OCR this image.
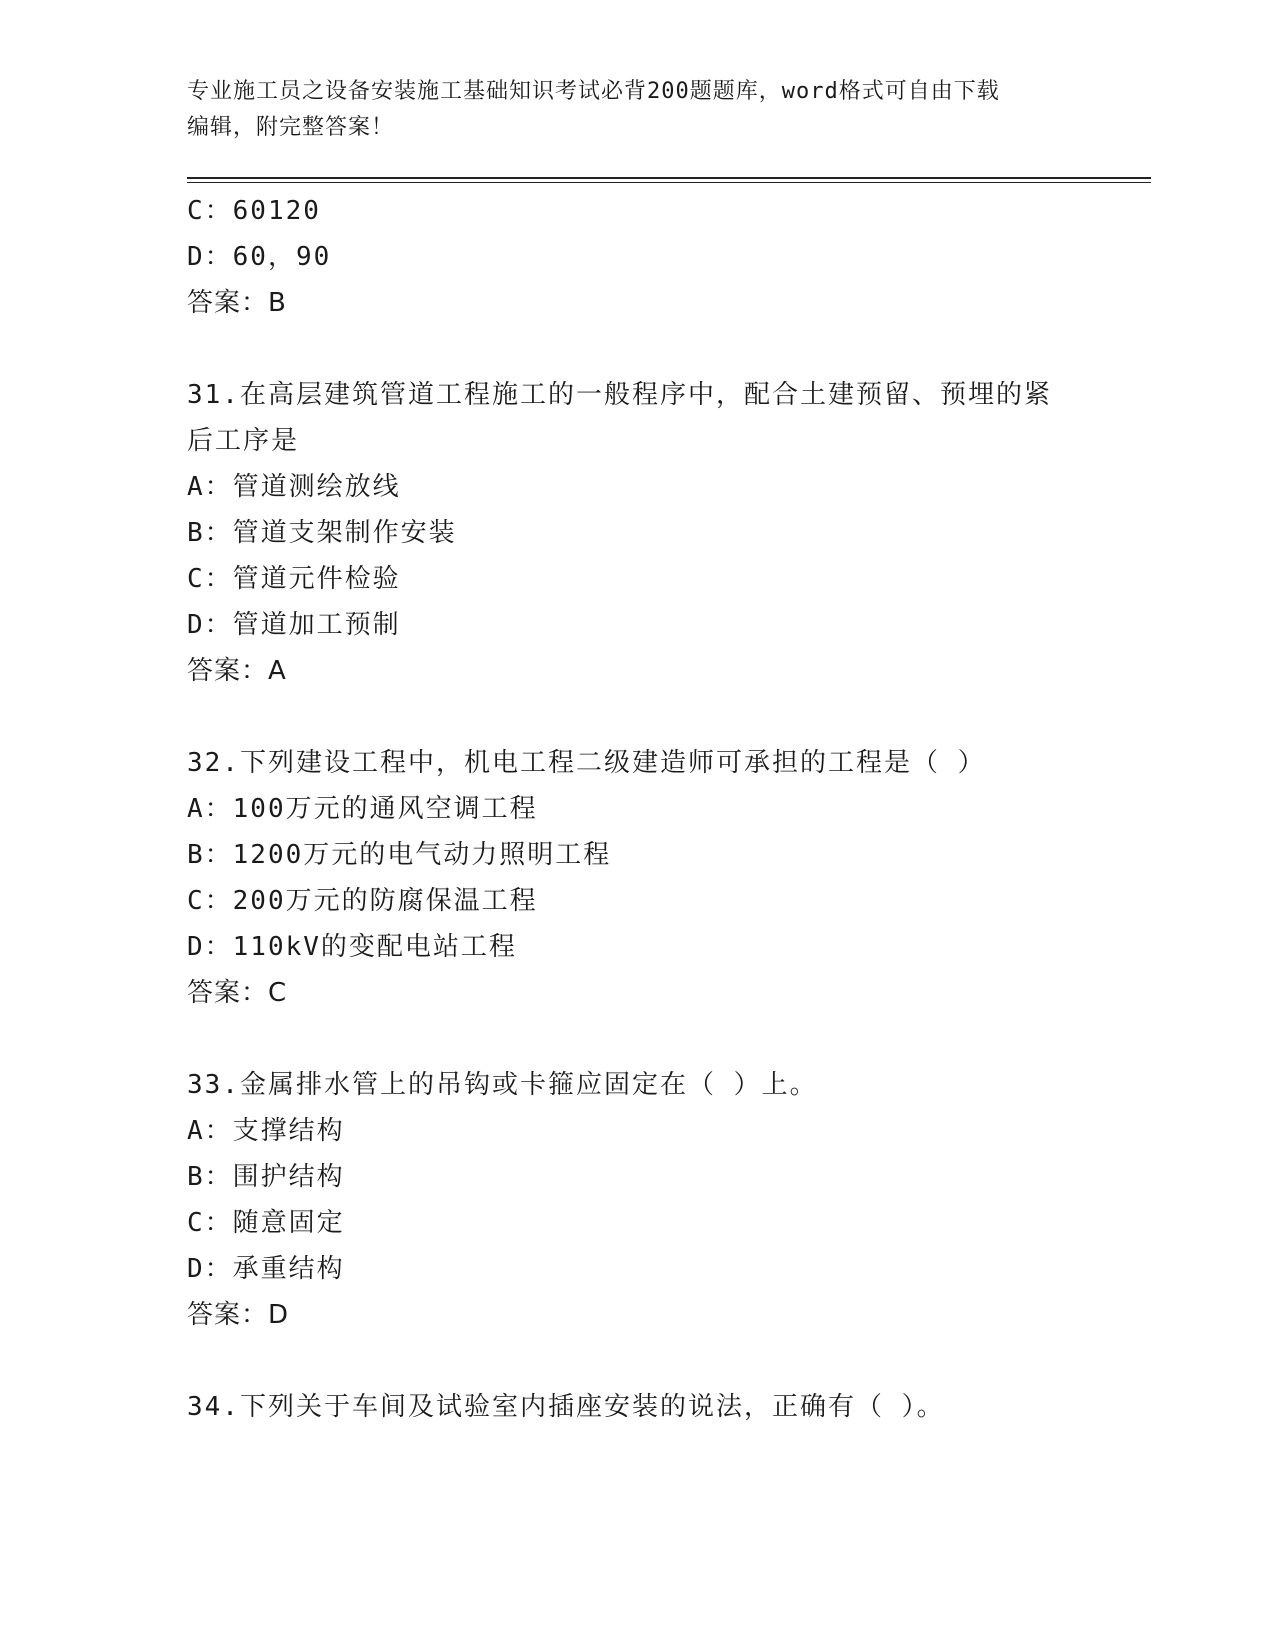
专业施工员之设备安装施工基础知识考试必背200题题库，word格式可自由下载
编辑，附完整答案！
C：60120
D：60，90
答案：B
31.在高层建筑管道工程施工的一般程序中，配合土建预留、预埋的紧
后工序是
A：管道测绘放线
B：管道支架制作安装
C：管道元件检验
D：管道加工预制
答案：A
32.下列建设工程中，机电工程二级建造师可承担的工程是（ ）
A：100万元的通风空调工程
B：1200万元的电气动力照明工程
C：200万元的防腐保温工程
D：110kV的变配电站工程
答案：C
33.金属排水管上的吊钩或卡箍应固定在（ ）上。
A：支撑结构
B：围护结构
C：随意固定
D：承重结构
答案：D
34.下列关于车间及试验室内插座安装的说法，正确有（ ）。
